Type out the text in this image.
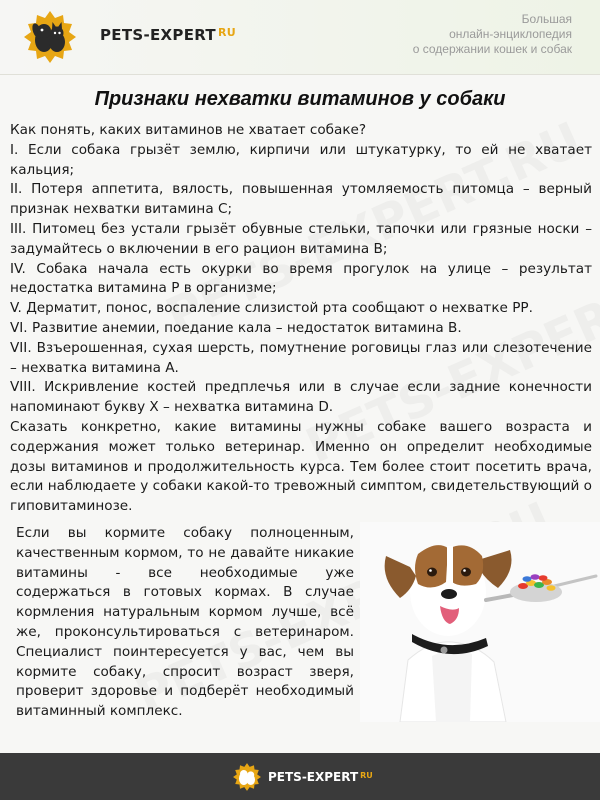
PETS-EXPERT $^{RU}$
Большая
онлайн-энциклопедия
о содержании кошек и собак
Признаки нехватки витаминов у собаки

Как понять, каких витаминов не хватает собаке?

I. Если собака грызёт землю, кирпичи или штукатурку, то ей не хватает кальция;

II. Потеря аппетита, вялость, повышенная утомляемость питомца – верный признак нехватки витамина С;

III. Питомец без устали грызёт обувные стельки, тапочки или грязные носки – задумайтесь о включении в его рацион витамина В;

IV. Собака начала есть окурки во время прогулок на улице – результат недостатка витамина Р в организме;

V. Дерматит, понос, воспаление слизистой рта сообщают о нехватке РР.

VI. Развитие анемии, поедание кала – недостаток витамина В.

VII. Взъерошенная, сухая шерсть, помутнение роговицы глаз или слезотечение – нехватка витамина А.

VIII. Искривление костей предплечья или в случае если задние конечности напоминают букву Х – нехватка витамина D.

Сказать конкретно, какие витамины нужны собаке вашего возраста и содержания может только ветеринар. Именно он определит необходимые дозы витаминов и продолжительность курса. Тем более стоит посетить врача, если наблюдаете у собаки какой-то тревожный симптом, свидетельствующий о гиповитаминозе.

Если вы кормите собаку полноценным, качественным кормом, то не давайте никакие витамины - все необходимые уже содержаться в готовых кормах. В случае кормления натуральным кормом лучше, всё же, проконсультироваться с ветеринаром. Специалист поинтересуется у вас, чем вы кормите собаку, спросит возраст зверя, проверит здоровье и подберёт необходимый витаминный комплекс.
PETS-EXPERT $^{RU}$
